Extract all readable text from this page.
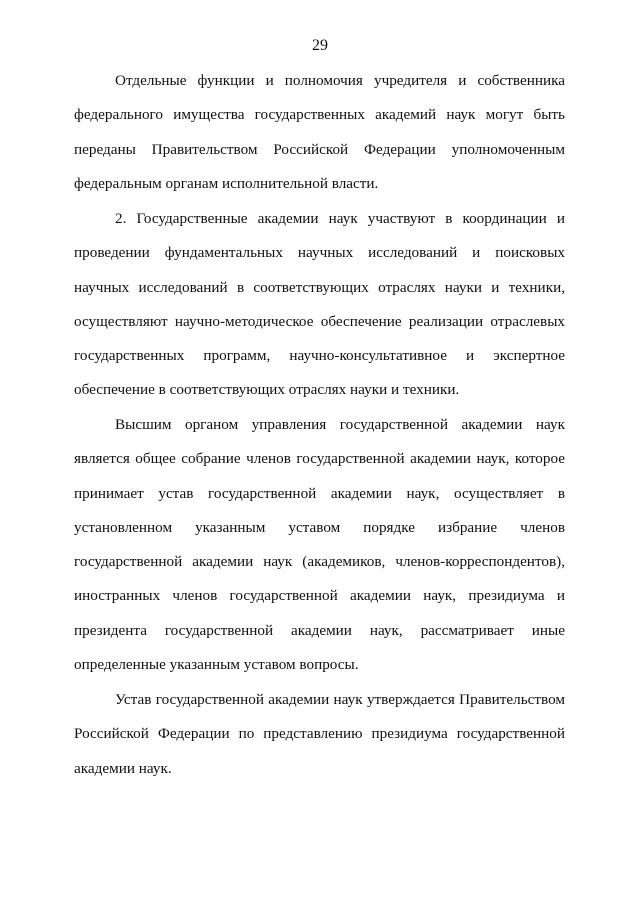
29

Отдельные функции и полномочия учредителя и собственника федерального имущества государственных академий наук могут быть переданы Правительством Российской Федерации уполномоченным федеральным органам исполнительной власти.

2. Государственные академии наук участвуют в координации и проведении фундаментальных научных исследований и поисковых научных исследований в соответствующих отраслях науки и техники, осуществляют научно-методическое обеспечение реализации отраслевых государственных программ, научно-консультативное и экспертное обеспечение в соответствующих отраслях науки и техники.

Высшим органом управления государственной академии наук является общее собрание членов государственной академии наук, которое принимает устав государственной академии наук, осуществляет в установленном указанным уставом порядке избрание членов государственной академии наук (академиков, членов-корреспондентов), иностранных членов государственной академии наук, президиума и президента государственной академии наук, рассматривает иные определенные указанным уставом вопросы.

Устав государственной академии наук утверждается Правительством Российской Федерации по представлению президиума государственной академии наук.
